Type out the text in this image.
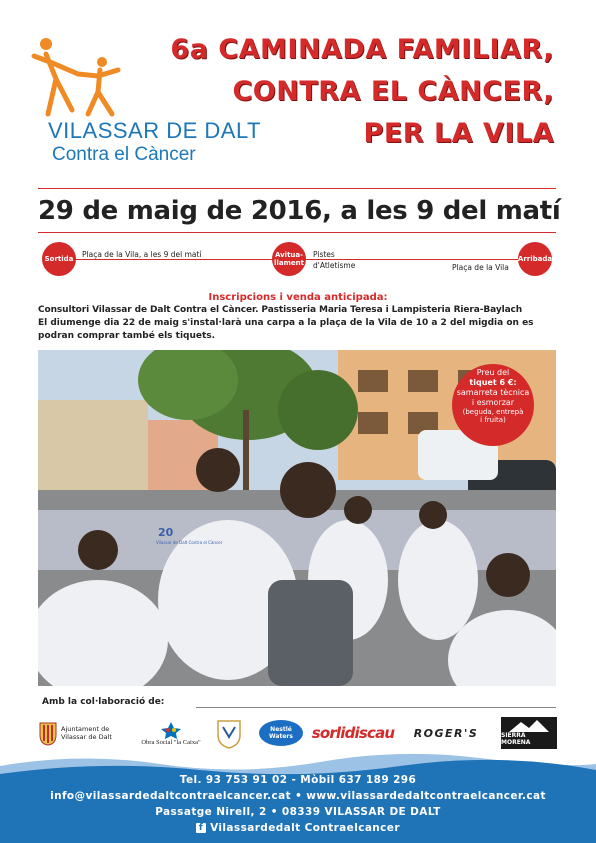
VILASSAR DE DALT
Contra el Càncer
6a CAMINADA FAMILIAR,
CONTRA EL CÀNCER,
PER LA VILA
29 de maig de 2016, a les 9 del matí
Sortida	Plaça de la Vila, a les 9 del matí	Avitua-llament
Pistes
d'Atletisme	Plaça de la Vila
Arribada
Inscripcions i venda anticipada:
Consultori Vilassar de Dalt Contra el Càncer. Pastisseria Maria Teresa i Lampisteria Riera-Baylach
El diumenge dia 22 de maig s'instal·larà una carpa a la plaça de la Vila de 10 a 2 del migdia on es podran comprar també els tiquets.
20
Vilassar de Dalt Contra el Càncer
Preu del
tiquet 6 €:
samarreta tècnica
i esmorzar
(beguda, entrepà
i fruita)
Amb la col·laboració de:
Ajuntament de Vilassar de Dalt
Obra Social "la Caixa"
Nestlé Waters	sorlidiscau ROGER'S	SIERRA MORENA
Tel. 93 753 91 02 - Mòbil 637 189 296
info@vilassardedaltcontraelcancer.cat • www.vilassardedaltcontraelcancer.cat
Passatge Nirell, 2 • 08339 VILASSAR DE DALT
f Vilassardedalt Contraelcancer
